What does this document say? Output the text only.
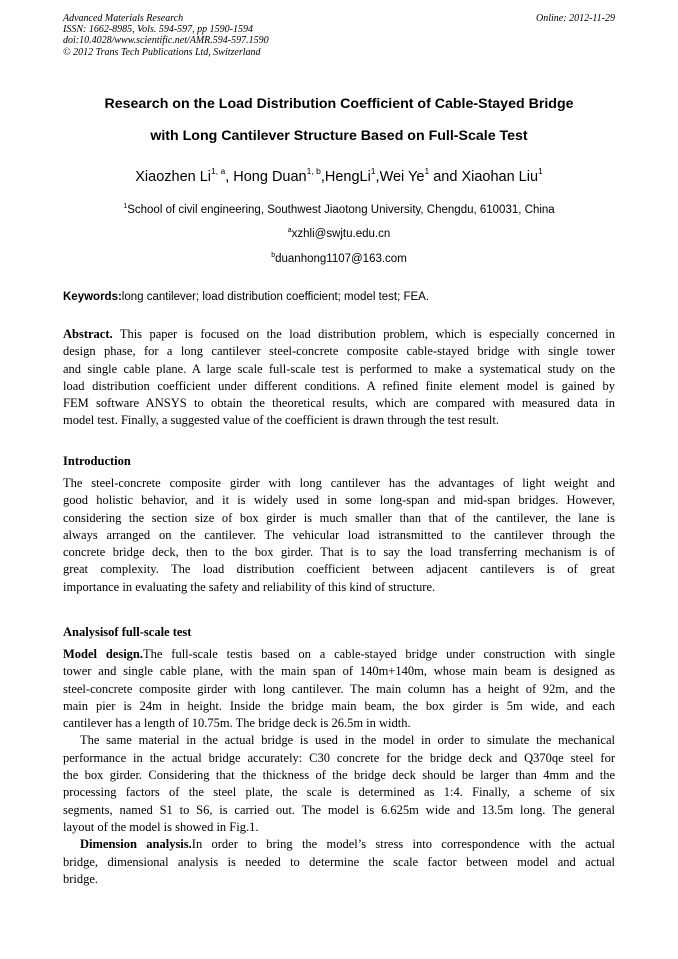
Advanced Materials Research
ISSN: 1662-8985, Vols. 594-597, pp 1590-1594
doi:10.4028/www.scientific.net/AMR.594-597.1590
© 2012 Trans Tech Publications Ltd, Switzerland
Online: 2012-11-29
Research on the Load Distribution Coefficient of Cable-Stayed Bridge
with Long Cantilever Structure Based on Full-Scale Test
Xiaozhen Li$^{1, a}$, Hong Duan$^{1, b}$,HengLi$^1$,Wei Ye$^1$ and Xiaohan Liu$^1$
$^1$School of civil engineering, Southwest Jiaotong University, Chengdu, 610031, China
$^a$xzhli@swjtu.edu.cn
$^b$duanhong1107@163.com
Keywords:long cantilever; load distribution coefficient; model test; FEA.
Abstract. This paper is focused on the load distribution problem, which is especially concerned in
design phase, for a long cantilever steel-concrete composite cable-stayed bridge with single tower
and single cable plane. A large scale full-scale test is performed to make a systematical study on the
load distribution coefficient under different conditions. A refined finite element model is gained by
FEM software ANSYS to obtain the theoretical results, which are compared with measured data in
model test. Finally, a suggested value of the coefficient is drawn through the test result.
Introduction
The steel-concrete composite girder with long cantilever has the advantages of light weight and
good holistic behavior, and it is widely used in some long-span and mid-span bridges. However,
considering the section size of box girder is much smaller than that of the cantilever, the lane is
always arranged on the cantilever. The vehicular load istransmitted to the cantilever through the
concrete bridge deck, then to the box girder. That is to say the load transferring mechanism is of
great complexity. The load distribution coefficient between adjacent cantilevers is of great
importance in evaluating the safety and reliability of this kind of structure.
Analysisof full-scale test
Model design.The full-scale testis based on a cable-stayed bridge under construction with single
tower and single cable plane, with the main span of 140m+140m, whose main beam is designed as
steel-concrete composite girder with long cantilever. The main column has a height of 92m, and the
main pier is 24m in height. Inside the bridge main beam, the box girder is 5m wide, and each
cantilever has a length of 10.75m. The bridge deck is 26.5m in width.
The same material in the actual bridge is used in the model in order to simulate the mechanical
performance in the actual bridge accurately: C30 concrete for the bridge deck and Q370qe steel for
the box girder. Considering that the thickness of the bridge deck should be larger than 4mm and the
processing factors of the steel plate, the scale is determined as 1:4. Finally, a scheme of six
segments, named S1 to S6, is carried out. The model is 6.625m wide and 13.5m long. The general
layout of the model is showed in Fig.1.
Dimension analysis.In order to bring the model’s stress into correspondence with the actual
bridge, dimensional analysis is needed to determine the scale factor between model and actual
bridge.
